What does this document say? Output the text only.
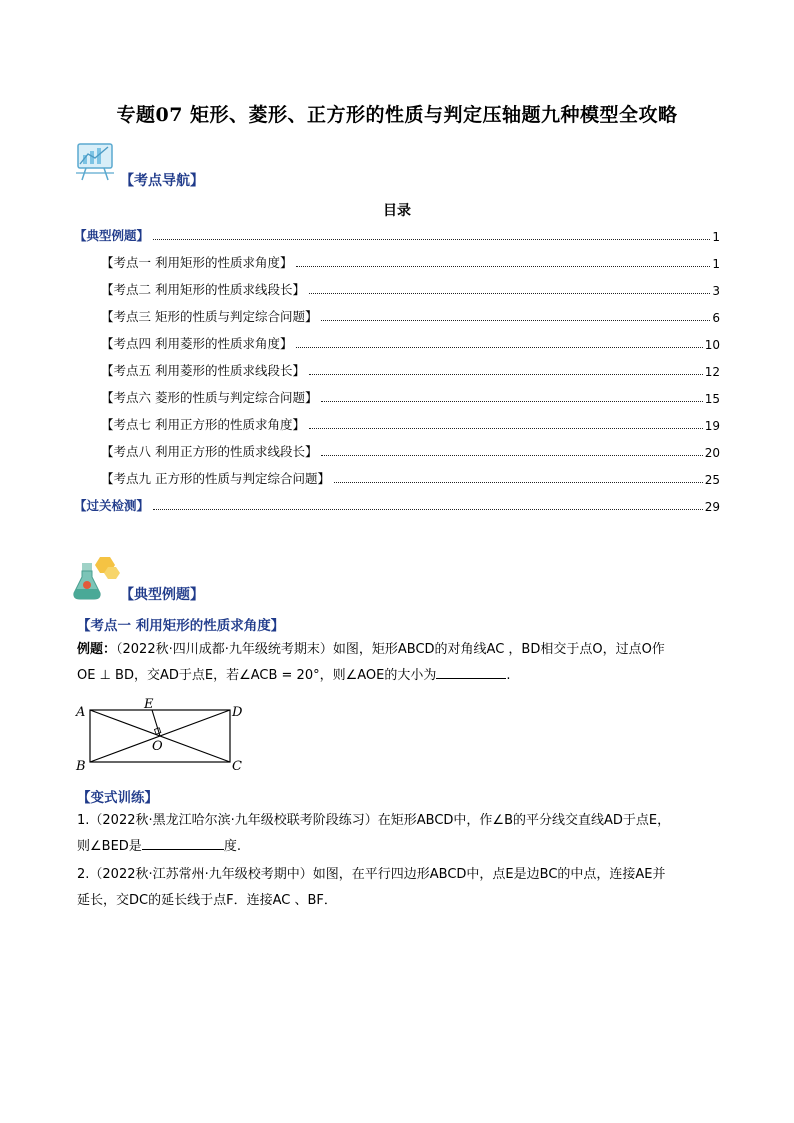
专题07 矩形、菱形、正方形的性质与判定压轴题九种模型全攻略
【考点导航】
目录
【典型例题】	1
【考点一 利用矩形的性质求角度】	1
【考点二 利用矩形的性质求线段长】	3
【考点三 矩形的性质与判定综合问题】	6
【考点四 利用菱形的性质求角度】	10
【考点五 利用菱形的性质求线段长】	12
【考点六 菱形的性质与判定综合问题】	15
【考点七 利用正方形的性质求角度】	19
【考点八 利用正方形的性质求线段长】	20
【考点九 正方形的性质与判定综合问题】	25
【过关检测】	29
【典型例题】
【考点一 利用矩形的性质求角度】
例题：（2022秋·四川成都·九年级统考期末）如图，矩形ABCD的对角线AC ，BD相交于点O，过点O作
OE ⊥ BD，交AD于点E，若∠ACB = 20°，则∠AOE的大小为	.
A	D
B	C
E
O
【变式训练】
1.（2022秋·黑龙江哈尔滨·九年级校联考阶段练习）在矩形ABCD中，作∠B的平分线交直线AD于点E，
则∠BED是	度.
2.（2022秋·江苏常州·九年级校考期中）如图，在平行四边形ABCD中，点E是边BC的中点，连接AE并
延长，交DC的延长线于点F．连接AC 、BF．
